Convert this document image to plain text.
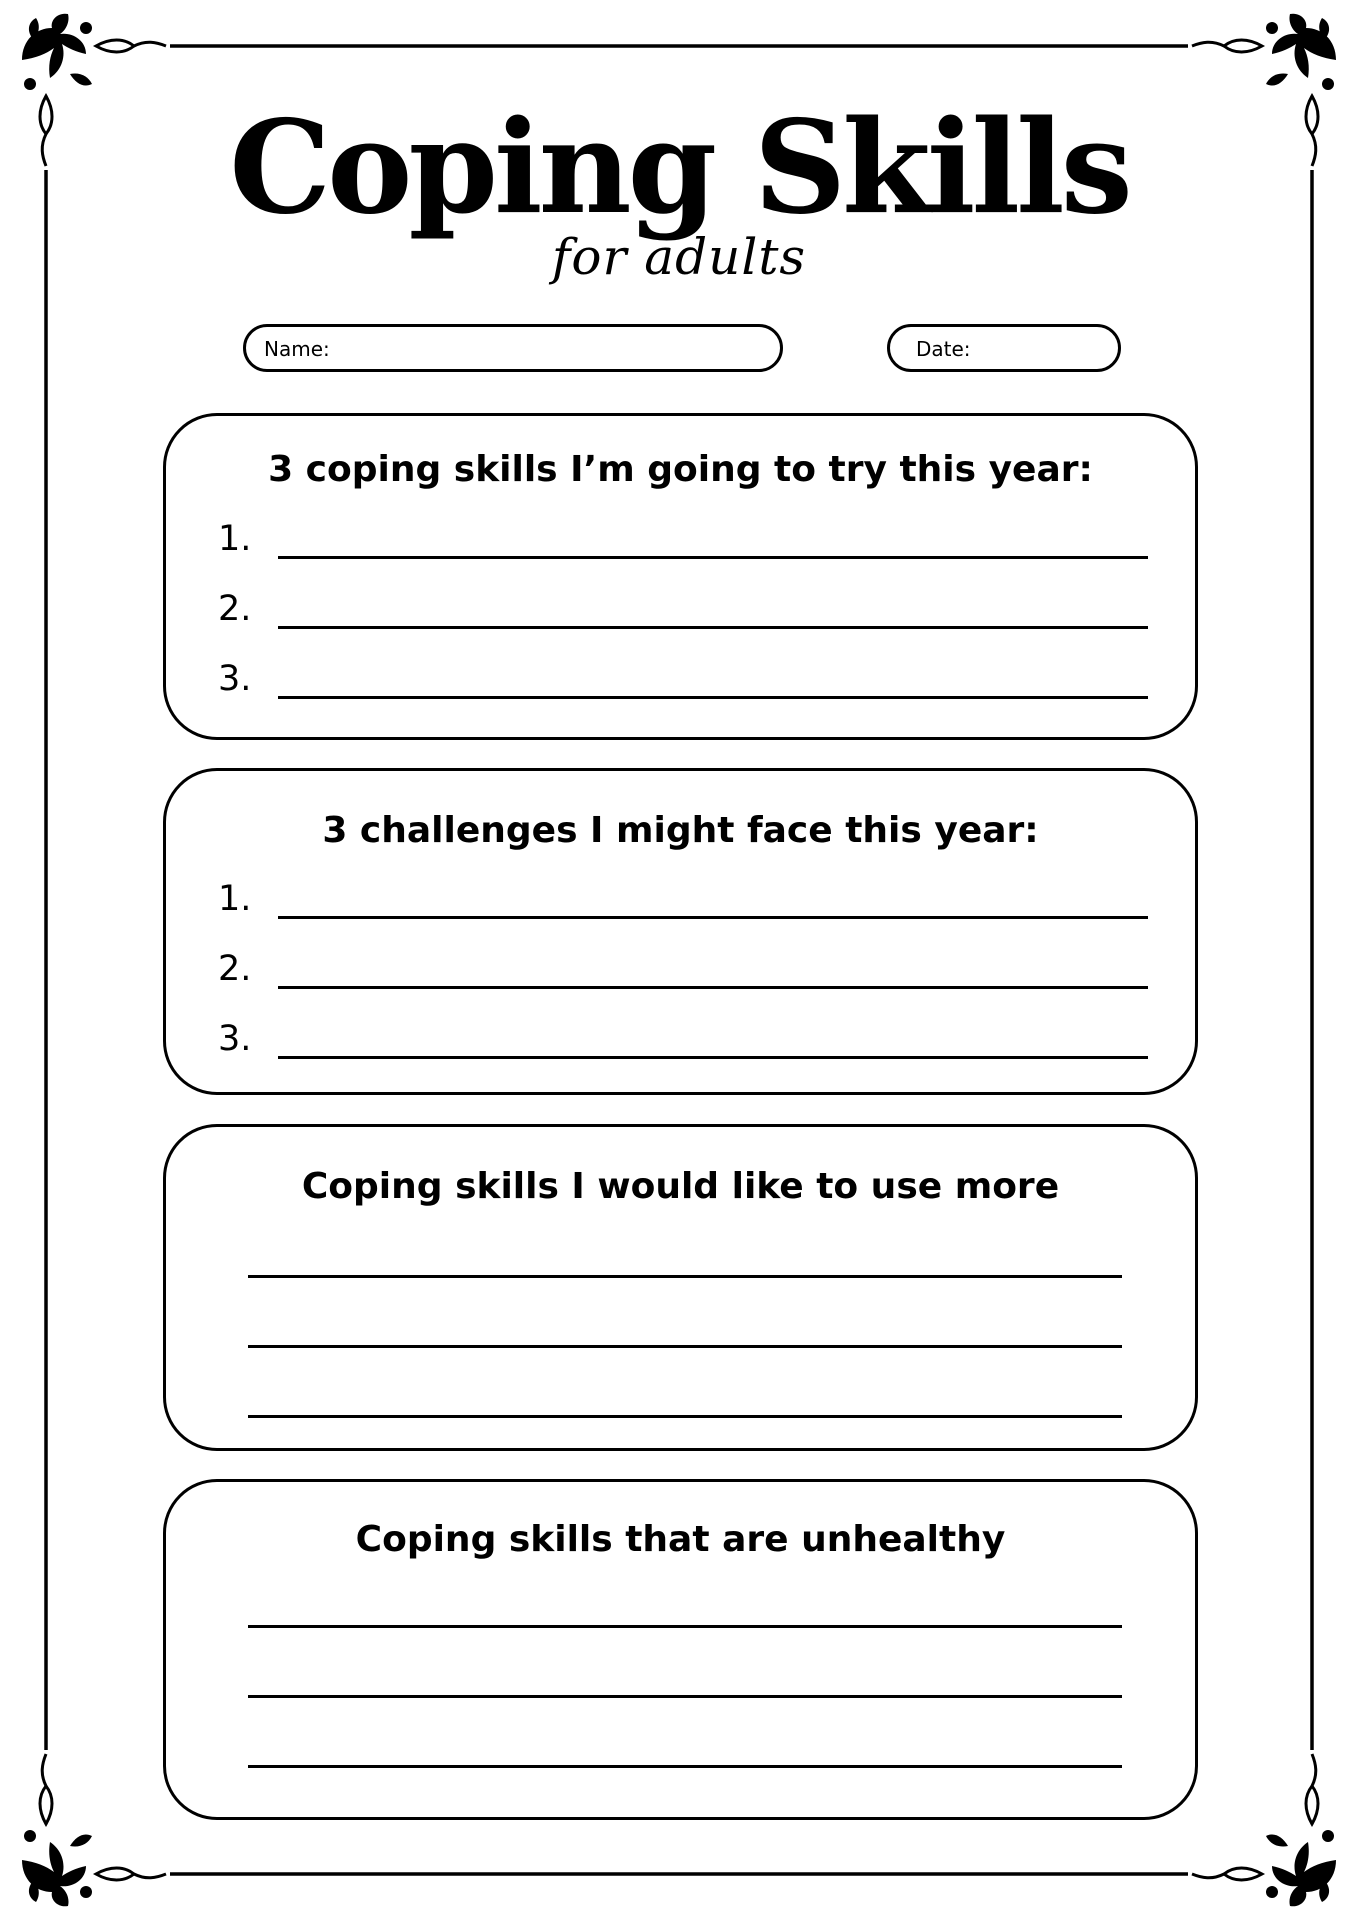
Coping Skills
for adults
Name:	Date:
3 coping skills I’m going to try this year:
1.
2.
3.
3 challenges I might face this year:
1.
2.
3.
Coping skills I would like to use more
Coping skills that are unhealthy
